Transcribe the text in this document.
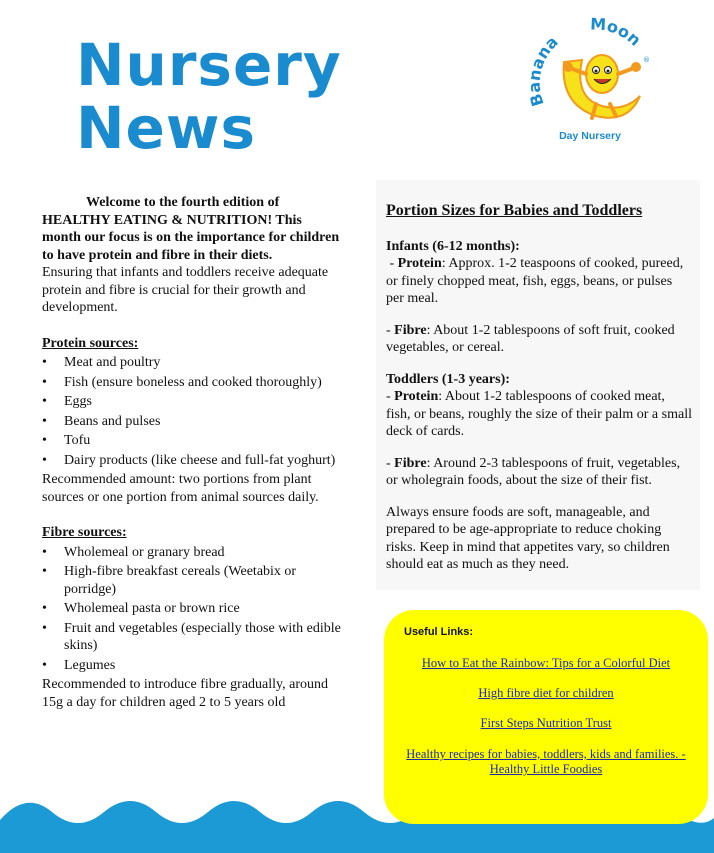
Nursery
News	Banana
Moon
®
Day Nursery

Welcome to the fourth edition of HEALTHY EATING & NUTRITION! This month our focus is on the importance for children to have protein and fibre in their diets.

Ensuring that infants and toddlers receive adequate protein and fibre is crucial for their growth and development.

Protein sources:

• Meat and poultry
• Fish (ensure boneless and cooked thoroughly)
• Eggs
• Beans and pulses
• Tofu
• Dairy products (like cheese and full-fat yoghurt)

Recommended amount: two portions from plant sources or one portion from animal sources daily.

Fibre sources:

• Wholemeal or granary bread
• High-fibre breakfast cereals (Weetabix or porridge)
• Wholemeal pasta or brown rice
• Fruit and vegetables (especially those with edible skins)
• Legumes

Recommended to introduce fibre gradually, around 15g a day for children aged 2 to 5 years old

Portion Sizes for Babies and Toddlers

Infants (6-12 months):

- Protein: Approx. 1-2 teaspoons of cooked, pureed, or finely chopped meat, fish, eggs, beans, or pulses per meal.

- Fibre: About 1-2 tablespoons of soft fruit, cooked vegetables, or cereal.

Toddlers (1-3 years):

- Protein: About 1-2 tablespoons of cooked meat, fish, or beans, roughly the size of their palm or a small deck of cards.

- Fibre: Around 2-3 tablespoons of fruit, vegetables, or wholegrain foods, about the size of their fist.

Always ensure foods are soft, manageable, and prepared to be age-appropriate to reduce choking risks. Keep in mind that appetites vary, so children should eat as much as they need.

Useful Links:
How to Eat the Rainbow: Tips for a Colorful Diet
High fibre diet for children
First Steps Nutrition Trust
Healthy recipes for babies, toddlers, kids and families. - Healthy Little Foodies
